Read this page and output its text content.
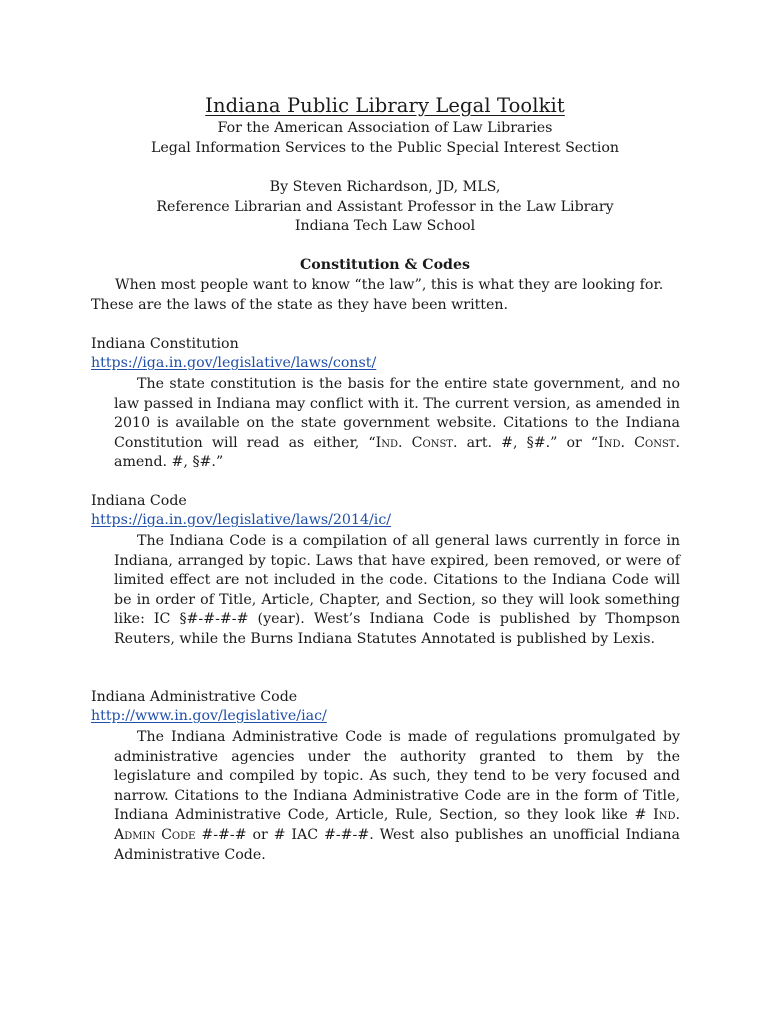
Indiana Public Library Legal Toolkit
For the American Association of Law Libraries
Legal Information Services to the Public Special Interest Section
By Steven Richardson, JD, MLS,
Reference Librarian and Assistant Professor in the Law Library
Indiana Tech Law School
Constitution & Codes
When most people want to know “the law”, this is what they are looking for.
These are the laws of the state as they have been written.
Indiana Constitution
https://iga.in.gov/legislative/laws/const/
The state constitution is the basis for the entire state government, and no law passed in Indiana may conflict with it. The current version, as amended in 2010 is available on the state government website. Citations to the Indiana Constitution will read as either, “Ind. Const. art. #, §#.” or “Ind. Const. amend. #, §#.”
Indiana Code
https://iga.in.gov/legislative/laws/2014/ic/
The Indiana Code is a compilation of all general laws currently in force in Indiana, arranged by topic. Laws that have expired, been removed, or were of limited effect are not included in the code. Citations to the Indiana Code will be in order of Title, Article, Chapter, and Section, so they will look something like: IC §#-#-#-# (year). West’s Indiana Code is published by Thompson Reuters, while the Burns Indiana Statutes Annotated is published by Lexis.
Indiana Administrative Code
http://www.in.gov/legislative/iac/
The Indiana Administrative Code is made of regulations promulgated by administrative agencies under the authority granted to them by the legislature and compiled by topic. As such, they tend to be very focused and narrow. Citations to the Indiana Administrative Code are in the form of Title, Indiana Administrative Code, Article, Rule, Section, so they look like # Ind. Admin Code #-#-# or # IAC #-#-#. West also publishes an unofficial Indiana Administrative Code.
